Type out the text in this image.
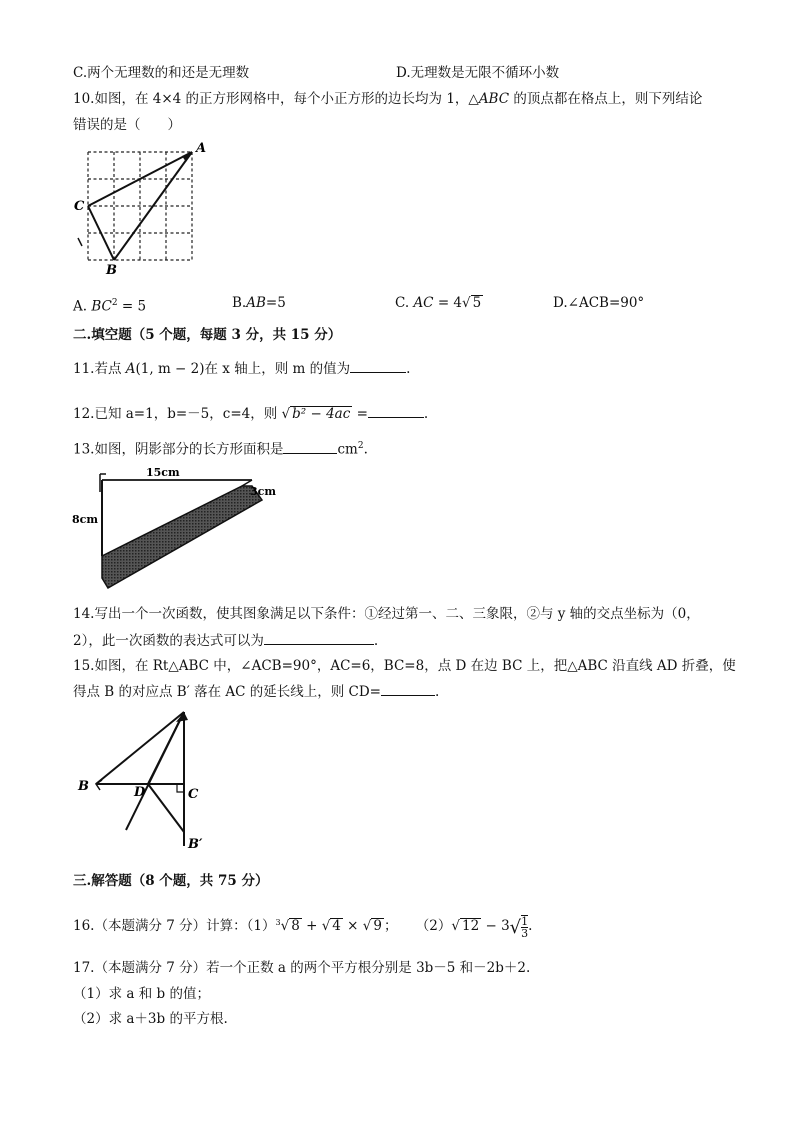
C.两个无理数的和还是无理数	D.无理数是无限不循环小数
10.如图，在 4×4 的正方形网格中，每个小正方形的边长均为 1，△ABC 的顶点都在格点上，则下列结论
错误的是（　　）
A
C
B
A. $BC^2 = 5$	B.AB=5	C. AC = 4√ 5	D.∠ACB=90°
二.填空题（5 个题，每题 3 分，共 15 分）
11.若点 A(1, m − 2)在 x 轴上，则 m 的值为	.
12.已知 a=1，b=－5，c=4，则 √ b² − 4ac =	.
13.如图，阴影部分的长方形面积是	$cm^2$.
15cm
8cm
3cm
14.写出一个一次函数，使其图象满足以下条件：①经过第一、二、三象限，②与 y 轴的交点坐标为（0，
2），此一次函数的表达式可以为	.
15.如图，在 Rt△ABC 中，∠ACB=90°，AC=6，BC=8，点 D 在边 BC 上，把△ABC 沿直线 AD 折叠，使
得点 B 的对应点 B′ 落在 AC 的延长线上，则 CD=	.
B	D	C
B′
三.解答题（8 个题，共 75 分）
16.（本题满分 7 分）计算：$(1)^3√$ 8 + √ 4 × √ 9 ； （2）√ $12 - 3√ \frac{1}{3}$ .
17.（本题满分 7 分）若一个正数 a 的两个平方根分别是 3b－5 和－2b＋2.
（1）求 a 和 b 的值；
（2）求 a＋3b 的平方根.
